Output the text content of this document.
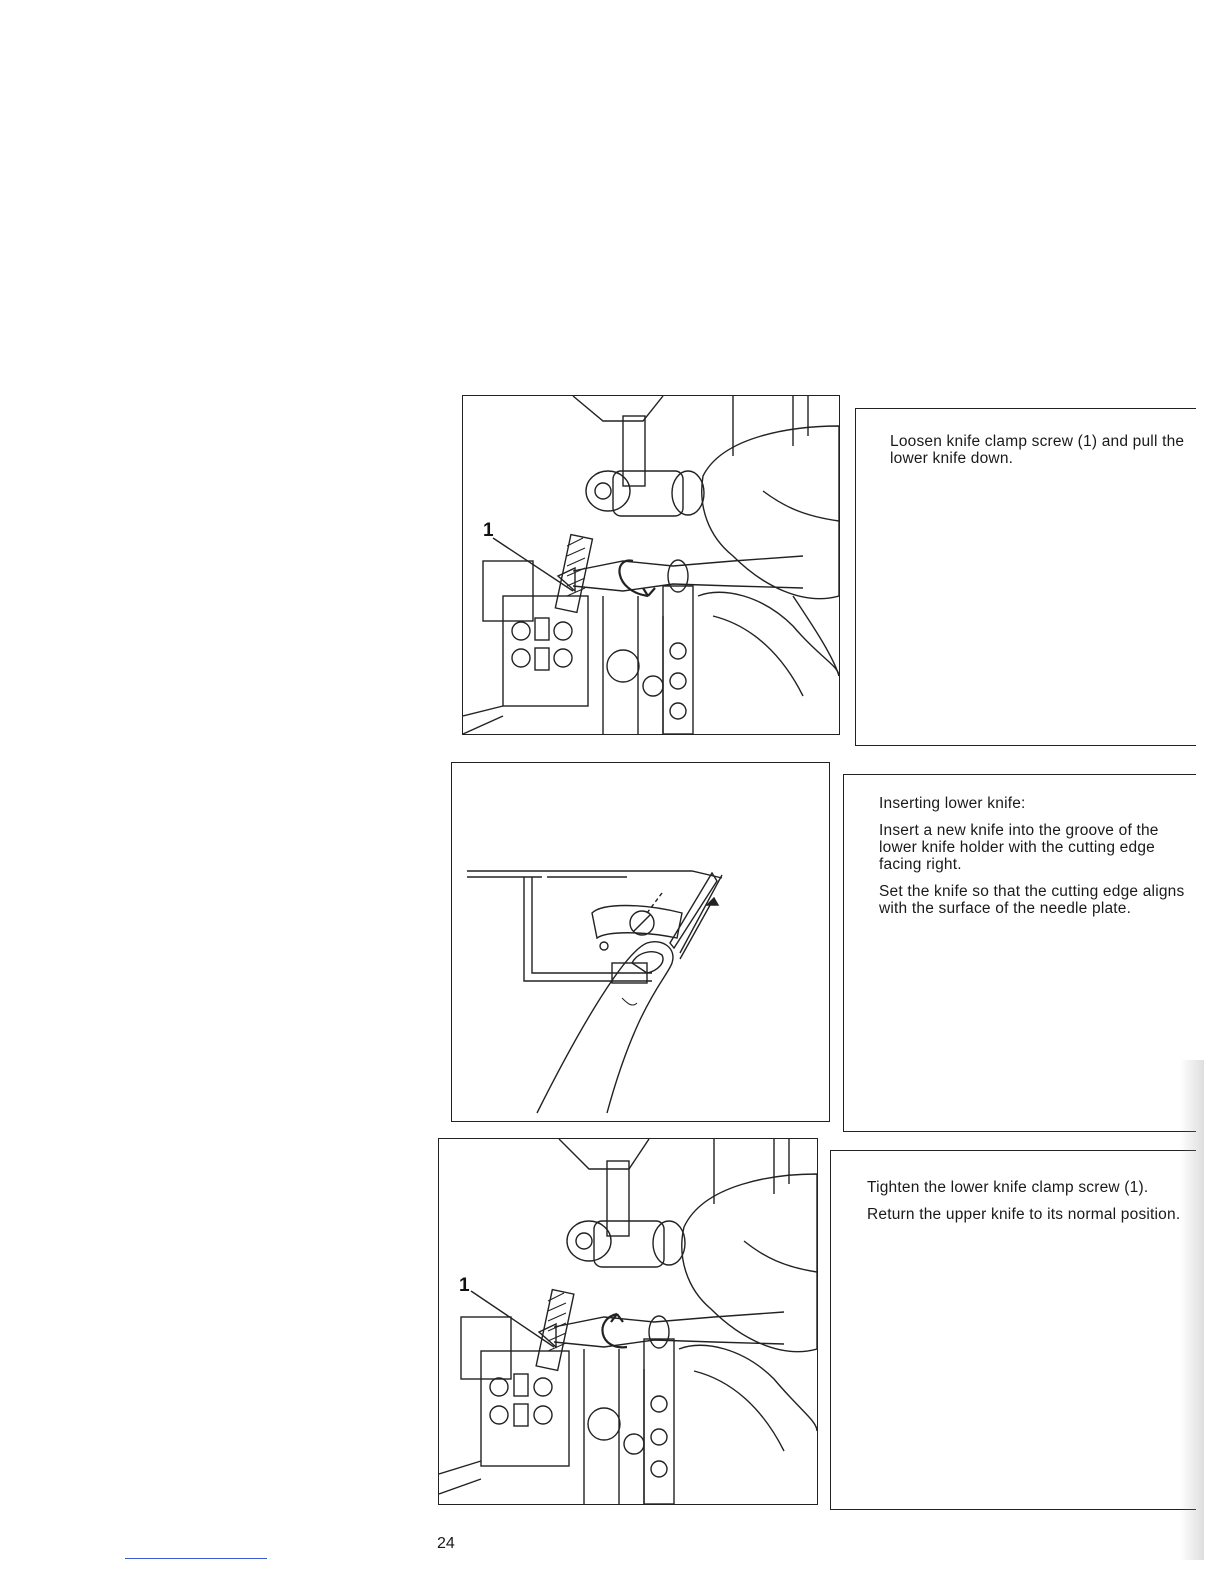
1

Loosen knife clamp screw (1) and pull the lower knife down.

Inserting lower knife:

Insert a new knife into the groove of the lower knife holder with the cutting edge facing right.

Set the knife so that the cutting edge aligns with the surface of the needle plate.

1

Tighten the lower knife clamp screw (1).

Return the upper knife to its normal position.

24
